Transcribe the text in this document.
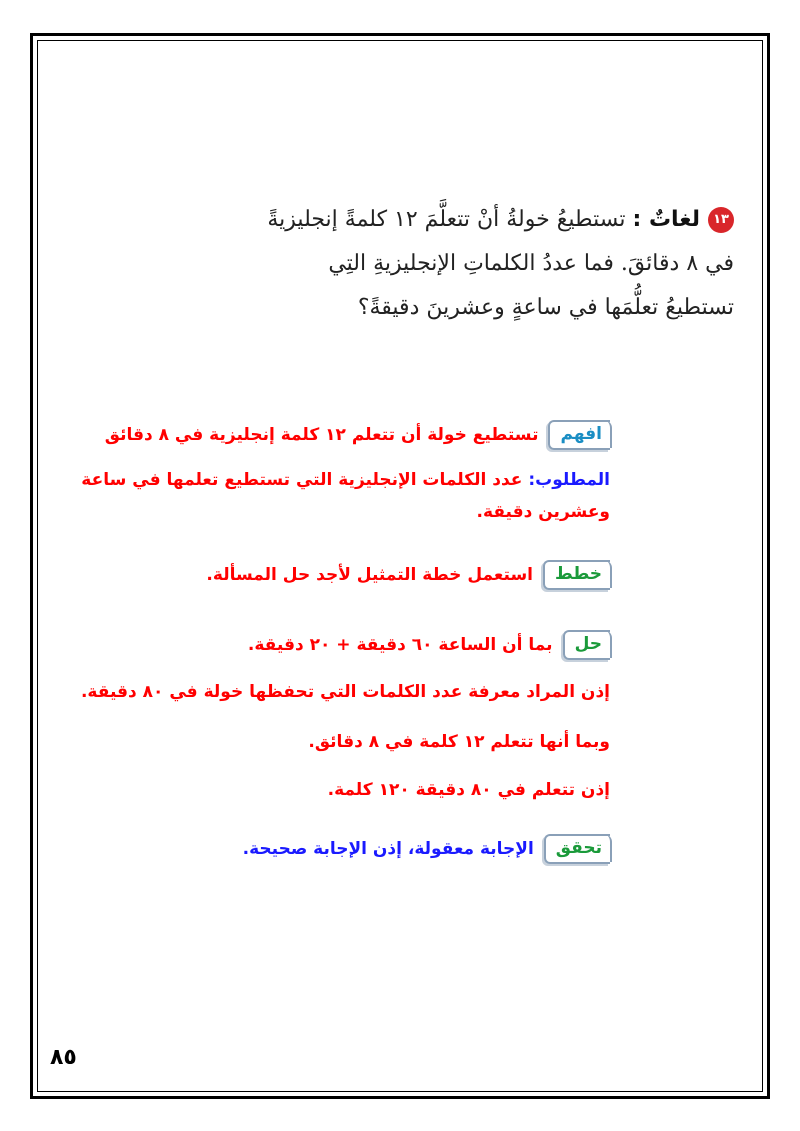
١٣لغاتٌ : تستطيعُ خولةُ أنْ تتعلَّمَ ١٢ كلمةً إنجليزيةً
في ٨ دقائقَ. فما عددُ الكلماتِ الإنجليزيةِ التِي
تستطيعُ تعلُّمَها في ساعةٍ وعشرينَ دقيقةً؟
افهمتستطيع خولة أن تتعلم ١٢ كلمة إنجليزية في ٨ دقائق
المطلوب: عدد الكلمات الإنجليزية التي تستطيع تعلمها في ساعة
وعشرين دقيقة.
خططاستعمل خطة التمثيل لأجد حل المسألة.
حلبما أن الساعة ٦٠ دقيقة + ٢٠ دقيقة.
إذن المراد معرفة عدد الكلمات التي تحفظها خولة في ٨٠ دقيقة.
وبما أنها تتعلم ١٢ كلمة في ٨ دقائق.
إذن تتعلم في ٨٠ دقيقة ١٢٠ كلمة.
تحققالإجابة معقولة، إذن الإجابة صحيحة.
٨٥
